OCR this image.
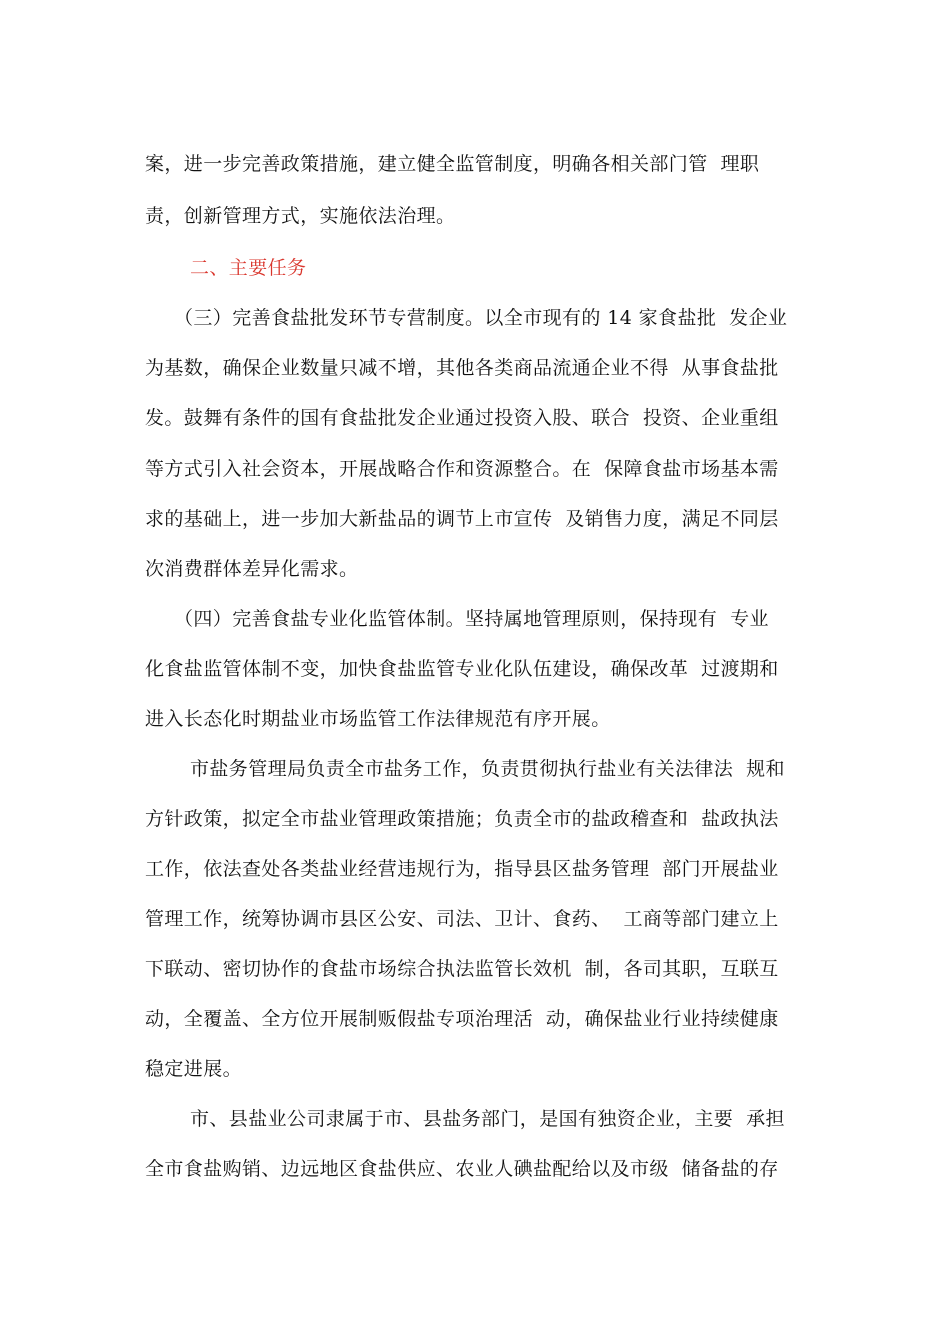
案，进一步完善政策措施，建立健全监管制度，明确各相关部门管  理职
责，创新管理方式，实施依法治理。
二、主要任务
（三）完善食盐批发环节专营制度。以全市现有的 14 家食盐批  发企业
为基数，确保企业数量只减不增，其他各类商品流通企业不得  从事食盐批
发。鼓舞有条件的国有食盐批发企业通过投资入股、联合  投资、企业重组
等方式引入社会资本，开展战略合作和资源整合。在  保障食盐市场基本需
求的基础上，进一步加大新盐品的调节上市宣传  及销售力度，满足不同层
次消费群体差异化需求。
（四）完善食盐专业化监管体制。坚持属地管理原则，保持现有  专业
化食盐监管体制不变，加快食盐监管专业化队伍建设，确保改革  过渡期和
进入长态化时期盐业市场监管工作法律规范有序开展。
市盐务管理局负责全市盐务工作，负责贯彻执行盐业有关法律法  规和
方针政策，拟定全市盐业管理政策措施；负责全市的盐政稽查和  盐政执法
工作，依法查处各类盐业经营违规行为，指导县区盐务管理  部门开展盐业
管理工作，统筹协调市县区公安、司法、卫计、食药、  工商等部门建立上
下联动、密切协作的食盐市场综合执法监管长效机  制，各司其职，互联互
动，全覆盖、全方位开展制贩假盐专项治理活  动，确保盐业行业持续健康
稳定进展。
市、县盐业公司隶属于市、县盐务部门，是国有独资企业，主要  承担
全市食盐购销、边远地区食盐供应、农业人碘盐配给以及市级  储备盐的存
